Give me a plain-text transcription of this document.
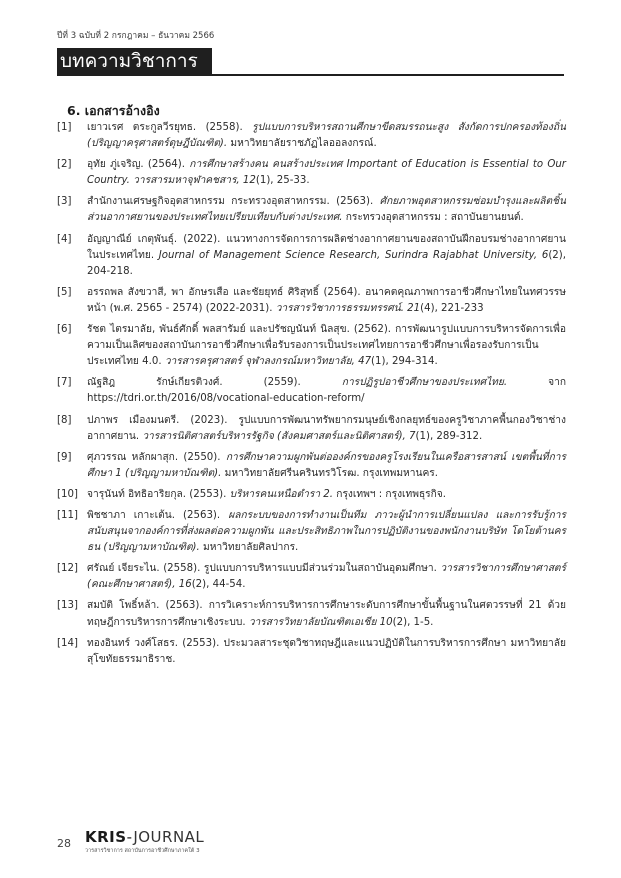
ปีที่ 3 ฉบับที่ 2 กรกฎาคม – ธันวาคม 2566
บทความวิชาการ
6. เอกสารอ้างอิง
[1]	เยาวเรศ ตระกูลวีรยุทธ. (2558). รูปแบบการบริหารสถานศึกษาขีดสมรรถนะสูง สังกัดการปกครองท้องถิ่น (ปริญญาครุศาสตร์ดุษฎีบัณฑิต). มหาวิทยาลัยราชภัฏไลออลงกรณ์.
[2]	อุทัย ภู่เจริญ. (2564). การศึกษาสร้างคน คนสร้างประเทศ Important of Education is Essential to Our Country. วารสารมหาจุฬาคชสาร, 12(1), 25-33.
[3]	สำนักงานเศรษฐกิจอุตสาหกรรม กระทรวงอุตสาหกรรม. (2563). ศักยภาพอุตสาหกรรมซ่อมบำรุงและผลิตชิ้นส่วนอากาศยานของประเทศไทยเปรียบเทียบกับต่างประเทศ. กระทรวงอุตสาหกรรม : สถาบันยานยนต์.
[4]	อัญญาณีย์ เกตุพันธุ์. (2022). แนวทางการจัดการการผลิตช่างอากาศยานของสถาบันฝึกอบรมช่างอากาศยานในประเทศไทย. Journal of Management Science Research, Surindra Rajabhat University, 6(2), 204-218.
[5]	อรรถพล สังขวาสี, พา อักษรเสือ และชัยยุทธ์ ศิริสุทธิ์ (2564). อนาคตคุณภาพการอาชีวศึกษาไทยในทศวรรษหน้า (พ.ศ. 2565 - 2574) (2022-2031). วารสารวิชาการธรรมทรรศน์. 21(4), 221-233
[6]	รัชต ไตรมาลัย, พันธ์ศักดิ์ พลสารัมย์ และปรัชญนันท์ นิลสุข. (2562). การพัฒนารูปแบบการบริหารจัดการเพื่อความเป็นเลิศของสถาบันการอาชีวศึกษาเพื่อรับรองการเป็นประเทศไทยการอาชีวศึกษาเพื่อรองรับการเป็นประเทศไทย 4.0. วารสารครุศาสตร์ จุฬาลงกรณ์มหาวิทยาลัย, 47(1), 294-314.
[7]	ณัฐสิฎ รักษ์เกียรติวงศ์. (2559). การปฏิรูปอาชีวศึกษาของประเทศไทย. จาก https://tdri.or.th/2016/08/vocational-education-reform/
[8]	ปภาพร เมืองมนตรี. (2023). รูปแบบการพัฒนาทรัพยากรมนุษย์เชิงกลยุทธ์ของครูวิชาภาคพื้นกองวิชาช่างอากาศยาน. วารสารนิติศาสตร์บริหารรัฐกิจ (สังคมศาสตร์และนิติศาสตร์), 7(1), 289-312.
[9]	ศุภวรรณ หลักผาสุก. (2550). การศึกษาความผูกพันต่อองค์กรของครูโรงเรียนในเครือสารสาสน์ เขตพื้นที่การศึกษา 1 (ปริญญามหาบัณฑิต). มหาวิทยาลัยศรีนครินทรวิโรฒ. กรุงเทพมหานคร.
[10] จารุนันท์ อิทธิอาริยกุล. (2553). บริหารคนเหนือตำรา 2. กรุงเทพฯ : กรุงเทพธุรกิจ.
[11] พิชชาภา เกาะเต้น. (2563). ผลกระบบของการทำงานเป็นทีม ภาวะผู้นำการเปลี่ยนแปลง และการรับรู้การสนับสนุนจากองค์การที่ส่งผลต่อความผูกพัน และประสิทธิภาพในการปฏิบัติงานของพนักงานบริษัท โดโยต้านครธน (ปริญญามหาบัณฑิต). มหาวิทยาลัยศิลปากร.
[12] ศรัณย์ เจียระไน. (2558). รูปแบบการบริหารแบบมีส่วนร่วมในสถาบันอุดมศึกษา. วารสารวิชาการศึกษาศาสตร์ (คณะศึกษาศาสตร์), 16(2), 44-54.
[13] สมบัติ โพธิ์หล้า. (2563). การวิเคราะห์การบริหารการศึกษาระดับการศึกษาขั้นพื้นฐานในศตวรรษที่ 21 ด้วยทฤษฎีการบริหารการศึกษาเชิงระบบ. วารสารวิทยาลัยบัณฑิตเอเชีย 10(2), 1-5.
[14] ทองอินทร์ วงศ์โสธร. (2553). ประมวลสาระชุดวิชาทฤษฎีและแนวปฏิบัติในการบริหารการศึกษา มหาวิทยาลัยสุโขทัยธรรมาธิราช.
28 KRIS-JOURNAL
วารสารวิชาการ สถาบันการอาชีวศึกษาภาคใต้ 3
